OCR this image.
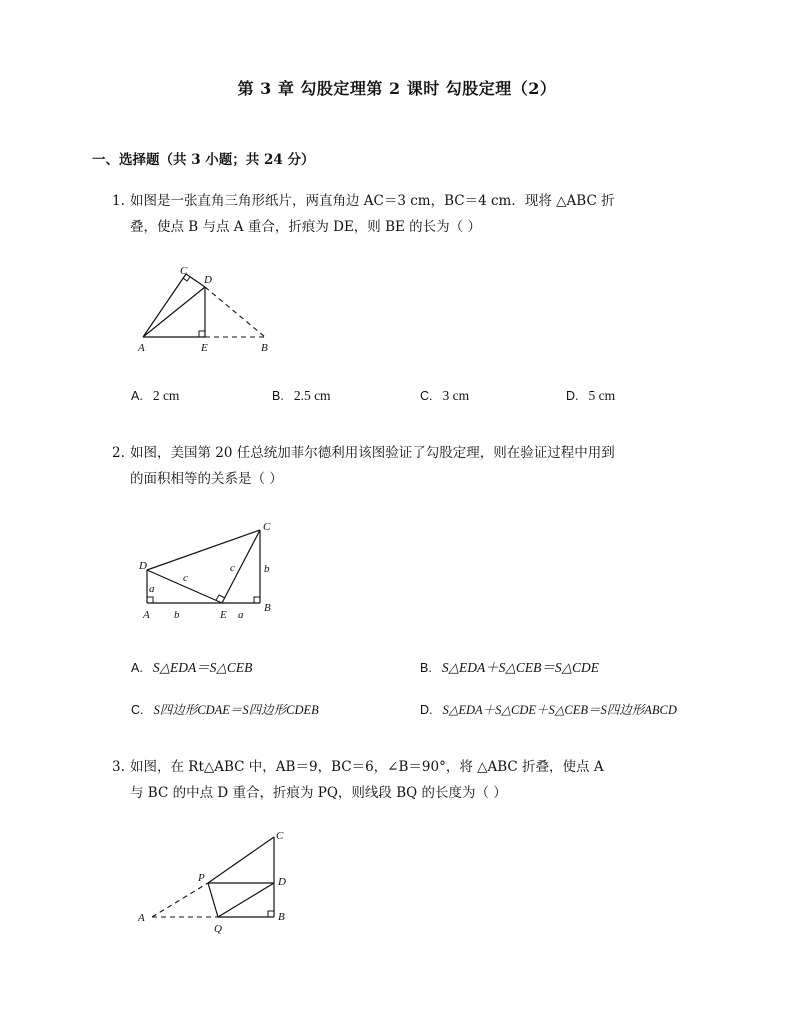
第 3 章 勾股定理第 2 课时 勾股定理（2）
一、选择题（共 3 小题；共 24 分）
1. 如图是一张直角三角形纸片，两直角边 AC＝3 cm，BC＝4 cm．现将 △ABC 折
叠，使点 B 与点 A 重合，折痕为 DE，则 BE 的长为（ ）
C
D
A	E	B
A. 2 cm	B. 2.5 cm	C. 3 cm	D. 5 cm
2. 如图，美国第 20 任总统加菲尔德利用该图验证了勾股定理，则在验证过程中用到
的面积相等的关系是（ ）
C
D
A	E
B
a
a
b
b
c
c
A. S△EDA＝S△CEB	B. S△EDA＋S△CEB＝S△CDE
C. S四边形CDAE＝S四边形CDEB	D. S△EDA＋S△CDE＋S△CEB＝S四边形ABCD
3. 如图，在 Rt△ABC 中，AB＝9，BC＝6，∠B＝90°，将 △ABC 折叠，使点 A
与 BC 的中点 D 重合，折痕为 PQ，则线段 BQ 的长度为（ ）
C
P	D
A
Q
B
